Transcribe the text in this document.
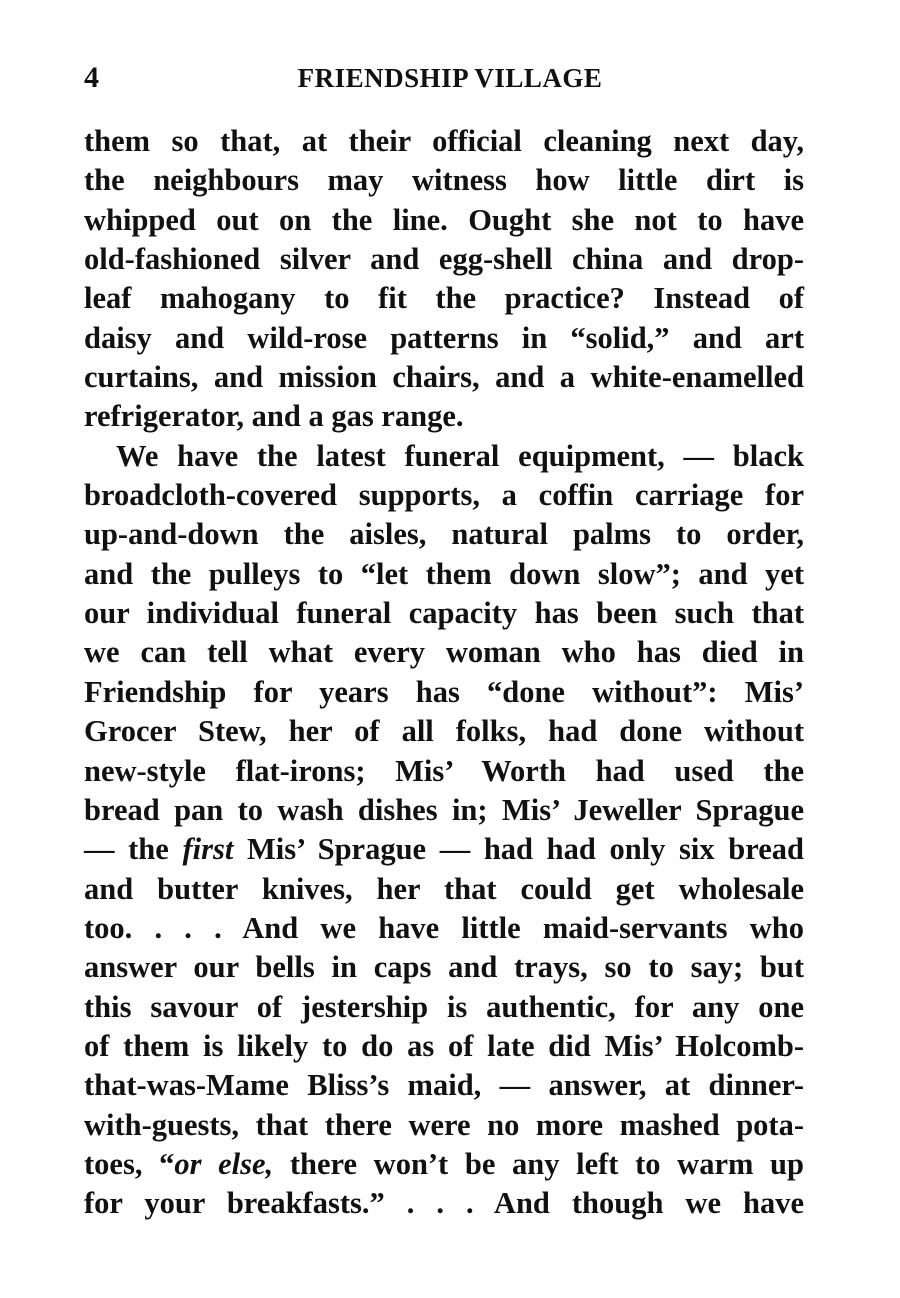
4	FRIENDSHIP VILLAGE
them so that, at their official cleaning next day,
the neighbours may witness how little dirt is
whipped out on the line. Ought she not to have
old-fashioned silver and egg-shell china and drop-
leaf mahogany to fit the practice? Instead of
daisy and wild-rose patterns in “solid,” and art
curtains, and mission chairs, and a white-enamelled
refrigerator, and a gas range.
We have the latest funeral equipment, — black
broadcloth-covered supports, a coffin carriage for
up-and-down the aisles, natural palms to order,
and the pulleys to “let them down slow”; and yet
our individual funeral capacity has been such that
we can tell what every woman who has died in
Friendship for years has “done without”: Mis’
Grocer Stew, her of all folks, had done without
new-style flat-irons; Mis’ Worth had used the
bread pan to wash dishes in; Mis’ Jeweller Sprague
— the first Mis’ Sprague — had had only six bread
and butter knives, her that could get wholesale
too. . . . And we have little maid-servants who
answer our bells in caps and trays, so to say; but
this savour of jestership is authentic, for any one
of them is likely to do as of late did Mis’ Holcomb-
that-was-Mame Bliss’s maid, — answer, at dinner-
with-guests, that there were no more mashed pota-
toes, “or else, there won’t be any left to warm up
for your breakfasts.” . . . And though we have
